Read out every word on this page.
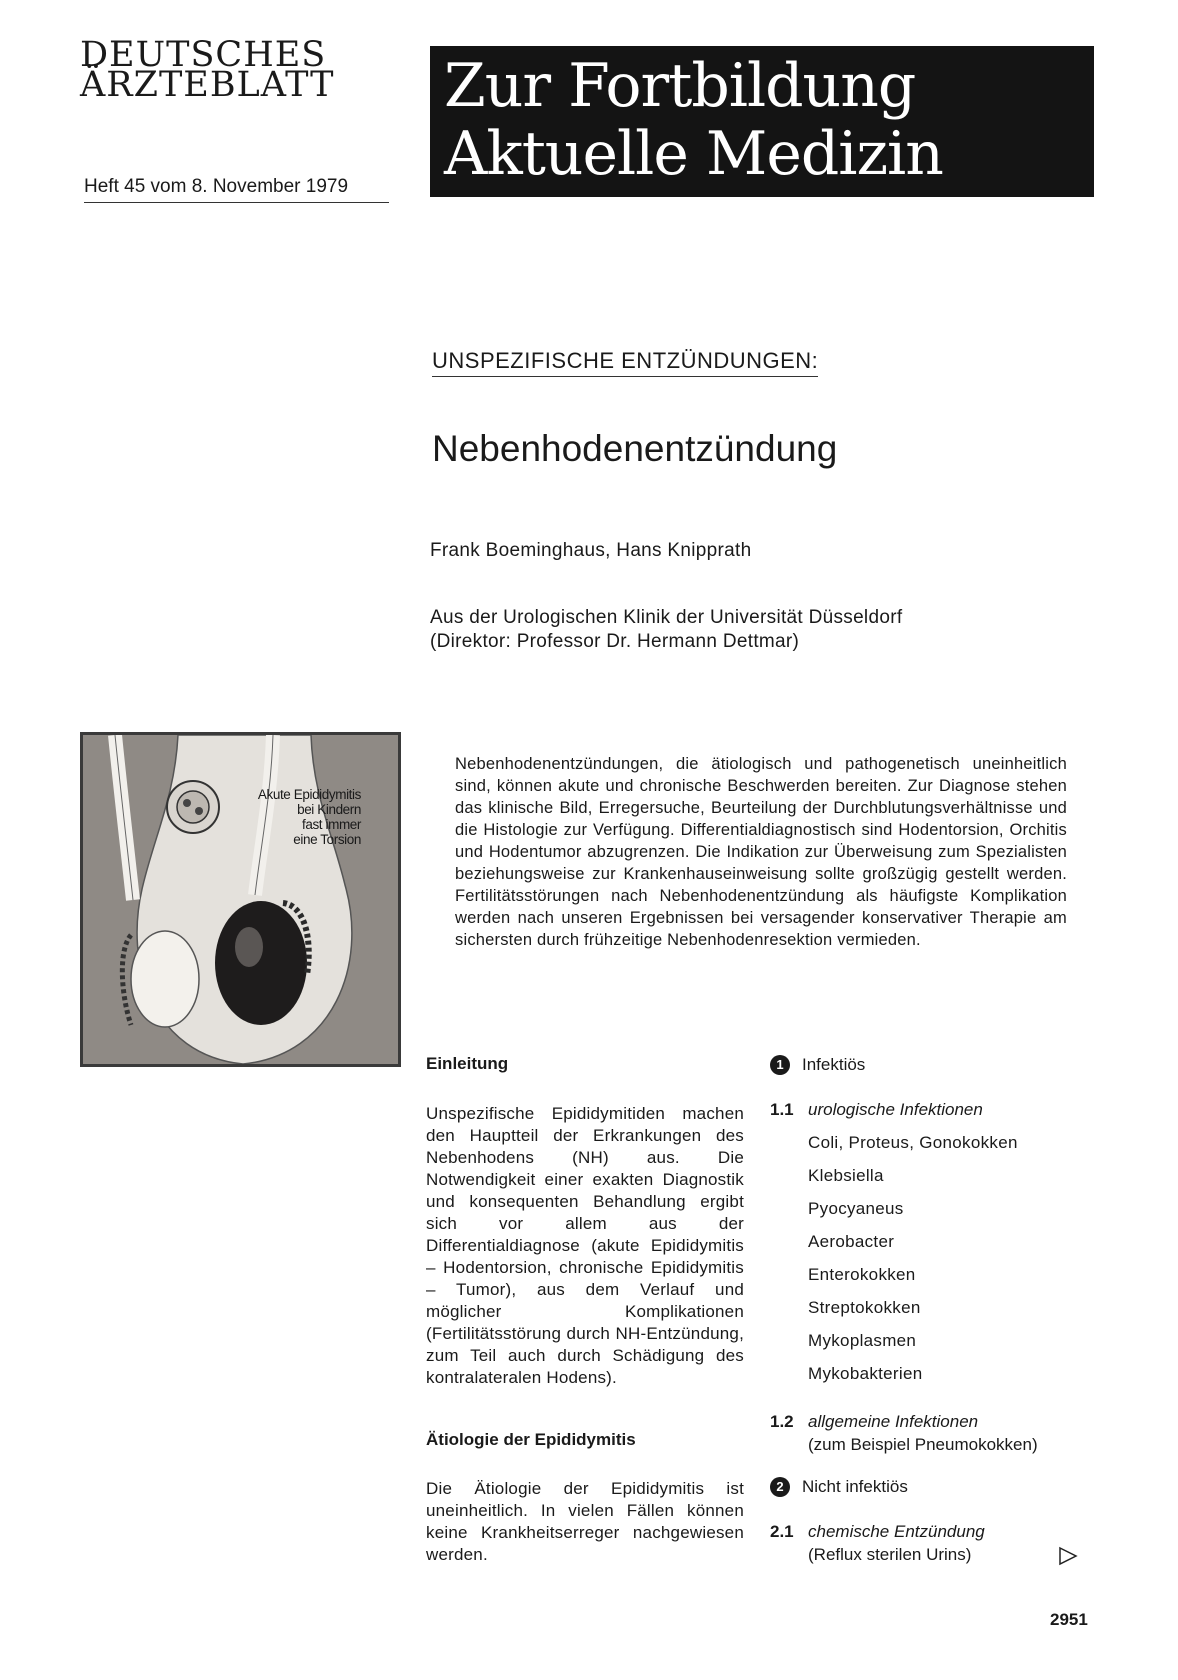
DEUTSCHES
ÄRZTEBLATT
Heft 45 vom 8. November 1979
Zur Fortbildung
Aktuelle Medizin
UNSPEZIFISCHE ENTZÜNDUNGEN:
Nebenhodenentzündung
Frank Boeminghaus, Hans Knipprath
Aus der Urologischen Klinik der Universität Düsseldorf
(Direktor: Professor Dr. Hermann Dettmar)
Akute Epididymitis
bei Kindern
fast immer
eine Torsion
Nebenhodenentzündungen, die ätiologisch und pathogenetisch uneinheitlich sind, können akute und chronische Beschwerden bereiten. Zur Diagnose stehen das klinische Bild, Erregersuche, Beurteilung der Durchblutungsverhältnisse und die Histologie zur Verfügung. Differentialdiagnostisch sind Hodentorsion, Orchitis und Hodentumor abzugrenzen. Die Indikation zur Überweisung zum Spezialisten beziehungsweise zur Krankenhauseinweisung sollte großzügig gestellt werden. Fertilitätsstörungen nach Nebenhodenentzündung als häufigste Komplikation werden nach unseren Ergebnissen bei versagender konservativer Therapie am sichersten durch frühzeitige Nebenhodenresektion vermieden.
Einleitung
Unspezifische Epididymitiden machen den Hauptteil der Erkrankungen des Nebenhodens (NH) aus. Die Notwendigkeit einer exakten Diagnostik und konsequenten Behandlung ergibt sich vor allem aus der Differentialdiagnose (akute Epididymitis – Hodentorsion, chronische Epididymitis – Tumor), aus dem Verlauf und möglicher Komplikationen (Fertilitätsstörung durch NH-Entzündung, zum Teil auch durch Schädigung des kontralateralen Hodens).
Ätiologie der Epididymitis
Die Ätiologie der Epididymitis ist uneinheitlich. In vielen Fällen können keine Krankheitserreger nachgewiesen werden.
1	Infektiös
1.1 urologische Infektionen
Coli, Proteus, Gonokokken
Klebsiella
Pyocyaneus
Aerobacter
Enterokokken
Streptokokken
Mykoplasmen
Mykobakterien
1.2 allgemeine Infektionen
(zum Beispiel Pneumokokken)
2	Nicht infektiös
2.1 chemische Entzündung
(Reflux sterilen Urins)
2951
